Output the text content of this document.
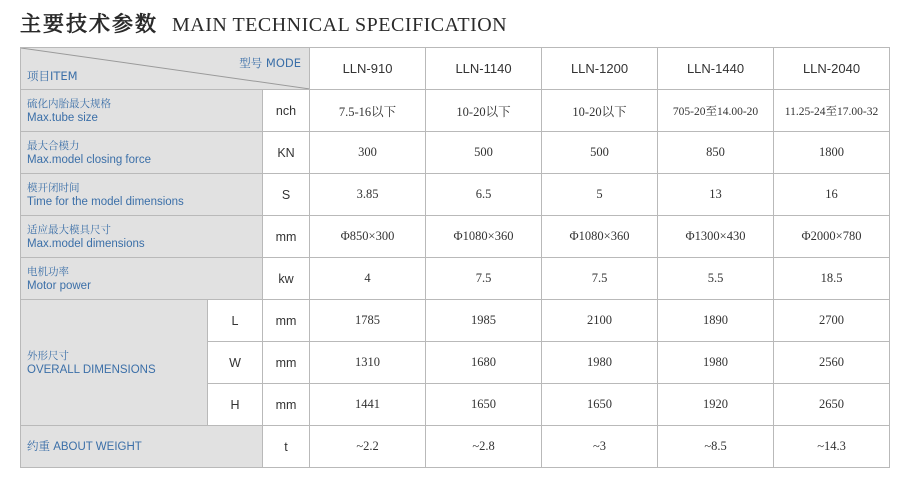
主要技术参数 MAIN TECHNICAL SPECIFICATION
型号 MODE
项目ITEM			LLN-910	LLN-1140	LLN-1200	LLN-1440	LLN-2040

硫化内胎最大规格
Max.tube size		nch	7.5-16以下	10-20以下	10-20以下	705-20至14.00-20	11.25-24至17.00-32

最大合模力
Max.model closing force		KN	300	500	500	850	1800

模开闭时间
Time for the model dimensions		S	3.85	6.5	5	13	16

适应最大模具尺寸
Max.model dimensions		mm	Φ850×300	Φ1080×360	Φ1080×360	Φ1300×430	Φ2000×780

电机功率
Motor power		kw	4	7.5	7.5	5.5	18.5

外形尺寸
OVERALL DIMENSIONS	L	mm	1785	1985	2100	1890	2700
	W	mm	1310	1680	1980	1980	2560
	H	mm	1441	1650	1650	1920	2650

约重 ABOUT WEIGHT		t	~2.2	~2.8	~3	~8.5	~14.3
